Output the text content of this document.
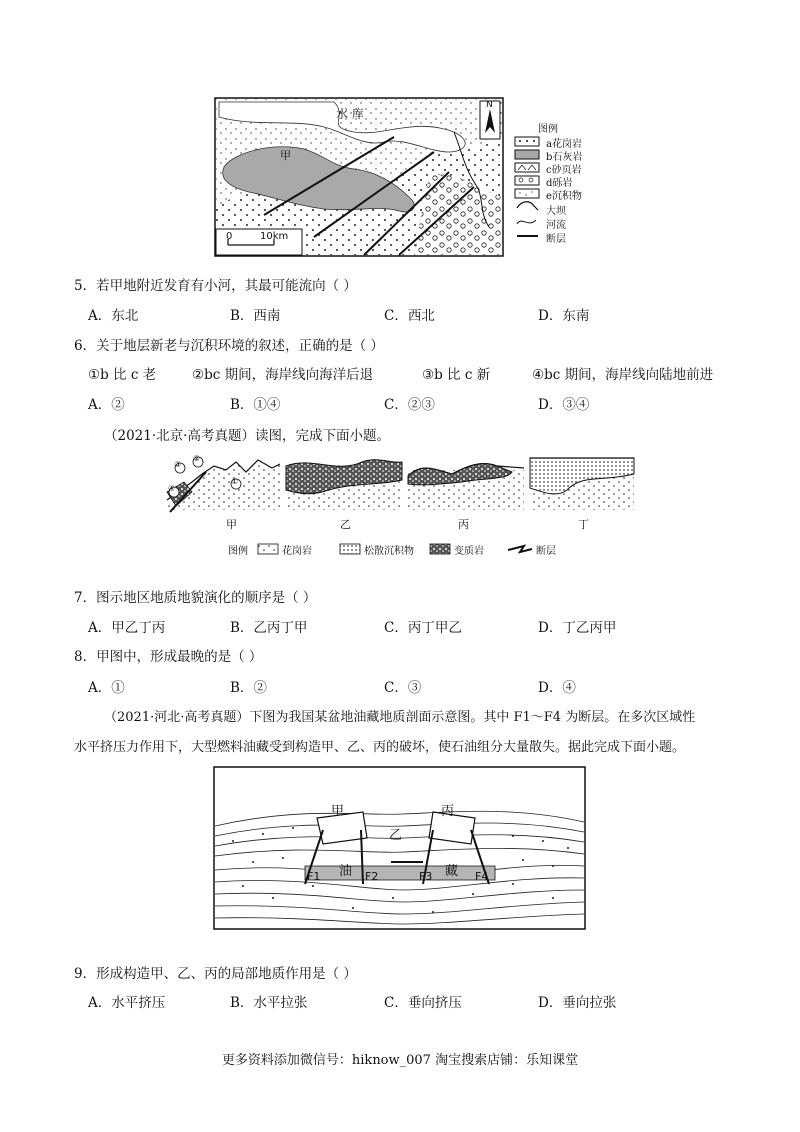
水 库
甲
N
0	10km
图例
a花岗岩
b石灰岩
c砂页岩
d砾岩
e沉积物
大坝
河流
断层
5．若甲地附近发育有小河，其最可能流向（ ）
A．东北	B．西南	C．西北	D．东南
6．关于地层新老与沉积环境的叙述，正确的是（ ）
①b 比 c 老	②bc 期间，海岸线向海洋后退	③b 比 c 新	④bc 期间，海岸线向陆地前进
A．②	B．①④	C．②③	D．③④
（2021·北京·高考真题）读图，完成下面小题。
③
②
④
①
甲	乙	丙	丁
图例	花岗岩	松散沉积物	变质岩	断层
7．图示地区地质地貌演化的顺序是（ ）
A．甲乙丁丙	B．乙丙丁甲	C．丙丁甲乙	D．丁乙丙甲
8．甲图中，形成最晚的是（ ）
A．①	B．②	C．③	D．④
（2021·河北·高考真题）下图为我国某盆地油藏地质剖面示意图。其中 F1～F4 为断层。在多次区域性
水平挤压力作用下，大型燃料油藏受到构造甲、乙、丙的破坏，使石油组分大量散失。据此完成下面小题。
甲
乙
丙
油	藏
F1	F2	F3	F4
9．形成构造甲、乙、丙的局部地质作用是（ ）
A．水平挤压	B．水平拉张	C．垂向挤压	D．垂向拉张
更多资料添加微信号：hiknow_007 淘宝搜索店铺：乐知课堂
